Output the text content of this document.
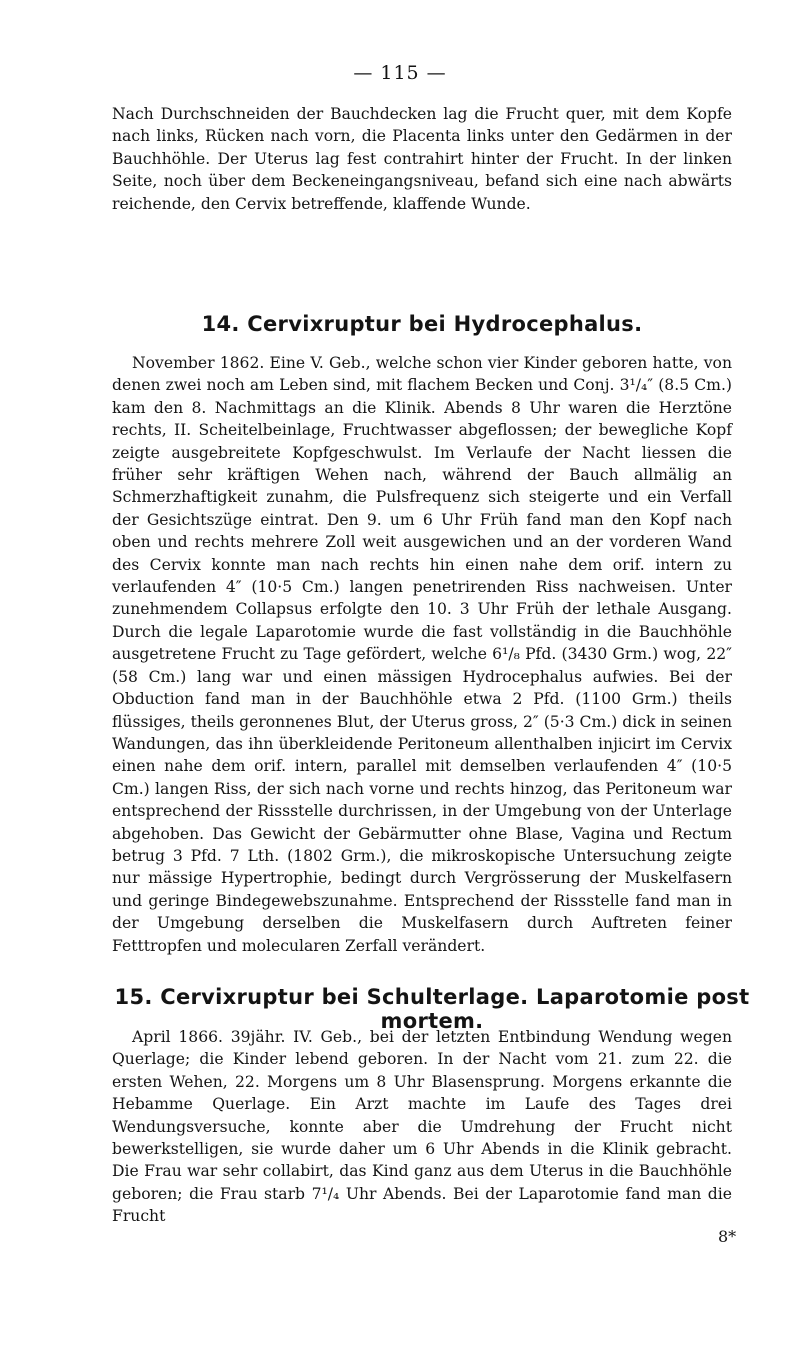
— 115 —

Nach Durchschneiden der Bauchdecken lag die Frucht quer, mit dem Kopfe nach links, Rücken nach vorn, die Placenta links unter den Gedärmen in der Bauchhöhle. Der Uterus lag fest contrahirt hinter der Frucht. In der linken Seite, noch über dem Beckeneingangsniveau, befand sich eine nach abwärts reichende, den Cervix betreffende, klaffende Wunde.

14. Cervixruptur bei Hydrocephalus.

November 1862. Eine V. Geb., welche schon vier Kinder geboren hatte, von denen zwei noch am Leben sind, mit flachem Becken und Conj. 3¹/₄″ (8.5 Cm.) kam den 8. Nachmittags an die Klinik. Abends 8 Uhr waren die Herztöne rechts, II. Scheitelbeinlage, Fruchtwasser abgeflossen; der bewegliche Kopf zeigte ausgebreitete Kopfgeschwulst. Im Verlaufe der Nacht liessen die früher sehr kräftigen Wehen nach, während der Bauch allmälig an Schmerzhaftigkeit zunahm, die Pulsfrequenz sich steigerte und ein Verfall der Gesichtszüge eintrat. Den 9. um 6 Uhr Früh fand man den Kopf nach oben und rechts mehrere Zoll weit ausgewichen und an der vorderen Wand des Cervix konnte man nach rechts hin einen nahe dem orif. intern zu verlaufenden 4″ (10·5 Cm.) langen penetrirenden Riss nachweisen. Unter zunehmendem Collapsus erfolgte den 10. 3 Uhr Früh der lethale Ausgang. Durch die legale Laparotomie wurde die fast vollständig in die Bauchhöhle ausgetretene Frucht zu Tage gefördert, welche 6¹/₈ Pfd. (3430 Grm.) wog, 22″ (58 Cm.) lang war und einen mässigen Hydrocephalus aufwies. Bei der Obduction fand man in der Bauchhöhle etwa 2 Pfd. (1100 Grm.) theils flüssiges, theils geronnenes Blut, der Uterus gross, 2″ (5·3 Cm.) dick in seinen Wandungen, das ihn überkleidende Peritoneum allenthalben injicirt im Cervix einen nahe dem orif. intern, parallel mit demselben verlaufenden 4″ (10·5 Cm.) langen Riss, der sich nach vorne und rechts hinzog, das Peritoneum war entsprechend der Rissstelle durchrissen, in der Umgebung von der Unterlage abgehoben. Das Gewicht der Gebärmutter ohne Blase, Vagina und Rectum betrug 3 Pfd. 7 Lth. (1802 Grm.), die mikroskopische Untersuchung zeigte nur mässige Hypertrophie, bedingt durch Vergrösserung der Muskelfasern und geringe Bindegewebszunahme. Entsprechend der Rissstelle fand man in der Umgebung derselben die Muskelfasern durch Auftreten feiner Fetttropfen und molecularen Zerfall verändert.

15. Cervixruptur bei Schulterlage. Laparotomie post mortem.

April 1866. 39jähr. IV. Geb., bei der letzten Entbindung Wendung wegen Querlage; die Kinder lebend geboren. In der Nacht vom 21. zum 22. die ersten Wehen, 22. Morgens um 8 Uhr Blasensprung. Morgens erkannte die Hebamme Querlage. Ein Arzt machte im Laufe des Tages drei Wendungsversuche, konnte aber die Umdrehung der Frucht nicht bewerkstelligen, sie wurde daher um 6 Uhr Abends in die Klinik gebracht. Die Frau war sehr collabirt, das Kind ganz aus dem Uterus in die Bauchhöhle geboren; die Frau starb 7¹/₄ Uhr Abends. Bei der Laparotomie fand man die Frucht

8*
